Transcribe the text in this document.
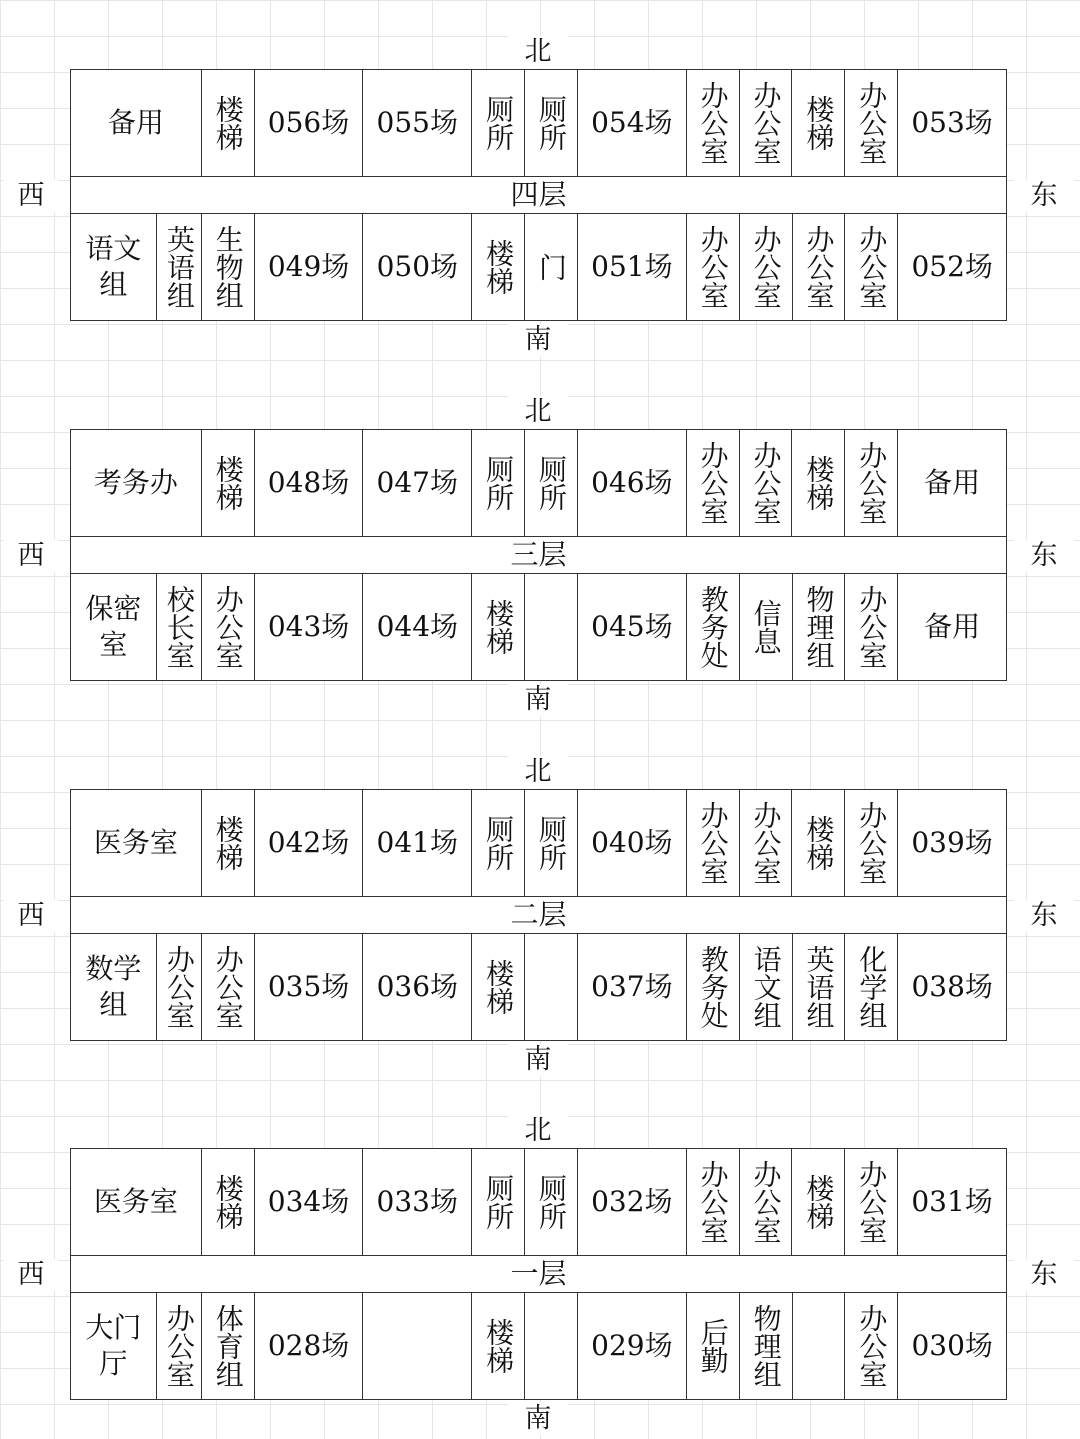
北
备用	楼梯 056场 055场 厕所 厕所 054场 办公室 办公室 楼梯 办公室 053场
四层
语文组	英语组 生物组 049场 050场 楼梯 门 051场 办公室 办公室 办公室 办公室 052场
西	东
南
北
考务办	楼梯 048场 047场 厕所 厕所 046场 办公室 办公室 楼梯 办公室	备用
三层
保密室	校长室 办公室 043场 044场 楼梯	045场 教务处 信息 物理组 办公室	备用
西	东
南
北
医务室	楼梯 042场 041场 厕所 厕所 040场 办公室 办公室 楼梯 办公室 039场
二层
数学组	办公室 办公室 035场 036场 楼梯	037场 教务处 语文组 英语组 化学组 038场
西	东
南
北
医务室	楼梯 034场 033场 厕所 厕所 032场 办公室 办公室 楼梯 办公室 031场
一层
大门厅	办公室 体育组 028场	楼梯	029场 后勤 物理组	办公室 030场
西	东
南
